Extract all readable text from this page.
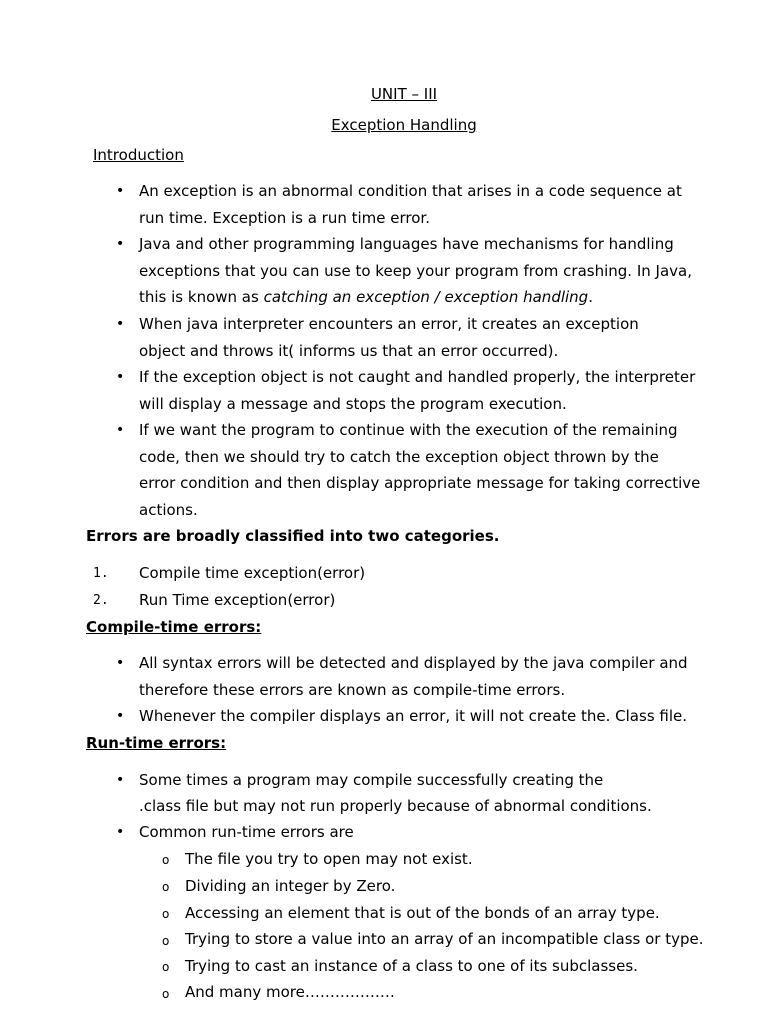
UNIT – III
Exception Handling
Introduction
• An exception is an abnormal condition that arises in a code sequence at
run time. Exception is a run time error.
• Java and other programming languages have mechanisms for handling
exceptions that you can use to keep your program from crashing. In Java,
this is known as catching an exception / exception handling.
• When java interpreter encounters an error, it creates an exception
object and throws it( informs us that an error occurred).
• If the exception object is not caught and handled properly, the interpreter
will display a message and stops the program execution.
• If we want the program to continue with the execution of the remaining
code, then we should try to catch the exception object thrown by the
error condition and then display appropriate message for taking corrective
actions.
Errors are broadly classified into two categories.
1. Compile time exception(error)
2. Run Time exception(error)
Compile-time errors:
• All syntax errors will be detected and displayed by the java compiler and
therefore these errors are known as compile-time errors.
• Whenever the compiler displays an error, it will not create the. Class file.
Run-time errors:
• Some times a program may compile successfully creating the
.class file but may not run properly because of abnormal conditions.
• Common run-time errors are
o The file you try to open may not exist.
o Dividing an integer by Zero.
o Accessing an element that is out of the bonds of an array type.
o Trying to store a value into an array of an incompatible class or type.
o Trying to cast an instance of a class to one of its subclasses.
o And many more………………
